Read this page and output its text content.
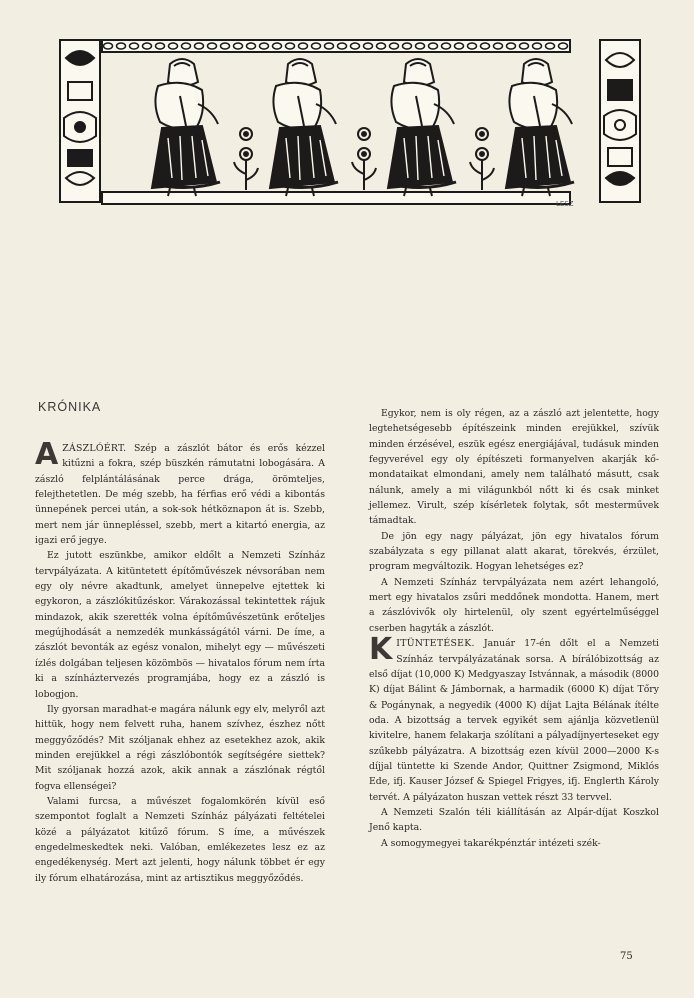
LESZ
KRÓNIKA

AZÁSZLÓÉRT. Szép a zászlót bátor és erős kézzel kitűzni a fokra, szép büszkén rámutatni lobogására. A zászló felplántálásának perce drága, örömteljes, felejthetetlen. De még szebb, ha férfias erő védi a kibontás ünnepének percei után, a sok-sok hétköznapon át is. Szebb, mert nem jár ünnepléssel, szebb, mert a kitartó energia, az igazi erő jegye.

Ez jutott eszünkbe, amikor eldőlt a Nemzeti Színház tervpályázata. A kitüntetett építőművészek névsorában nem egy oly névre akadtunk, amelyet ünnepelve ejtettek ki egykoron, a zászlókitűzéskor. Várakozással tekintettek rájuk mindazok, akik szerették volna építőművészetünk erőteljes megújhodását a nemzedék munkásságától várni. De íme, a zászlót bevonták az egész vonalon, mihelyt egy — művészeti ízlés dolgában teljesen közömbös — hivatalos fórum nem írta ki a színháztervezés programjába, hogy ez a zászló is lobogjon.

Ily gyorsan maradhat-e magára nálunk egy elv, melyről azt hittük, hogy nem felvett ruha, hanem szívhez, észhez nőtt meggyőződés? Mit szóljanak ehhez az esetekhez azok, akik minden erejükkel a régi zászlóbontók segítségére siettek? Mit szóljanak hozzá azok, akik annak a zászlónak régtől fogva ellenségei?

Valami furcsa, a művészet fogalomkörén kívül eső szempontot foglalt a Nemzeti Színház pályázati feltételei közé a pályázatot kitűző fórum. S íme, a művészek engedelmeskedtek neki. Valóban, emlékezetes lesz ez az engedékenység. Mert azt jelenti, hogy nálunk többet ér egy ily fórum elhatározása, mint az artisztikus meggyőződés.

Egykor, nem is oly régen, az a zászló azt jelentette, hogy legtehetségesebb építészeink minden erejükkel, szívük minden érzésével, eszük egész energiájával, tudásuk minden fegyverével egy oly építészeti formanyelven akarják kő-mondataikat elmondani, amely nem található másutt, csak nálunk, amely a mi világunkból nőtt ki és csak minket jellemez. Virult, szép kísérletek folytak, sőt mesterművek támadtak.

De jön egy nagy pályázat, jön egy hivatalos fórum szabályzata s egy pillanat alatt akarat, törekvés, érzület, program megváltozik. Hogyan lehetséges ez?

A Nemzeti Színház tervpályázata nem azért lehangoló, mert egy hivatalos zsűri meddőnek mondotta. Hanem, mert a zászlóvivők oly hirtelenül, oly szent egyértelműséggel cserben hagyták a zászlót.

KITÜNTETÉSEK. Január 17-én dőlt el a Nemzeti Színház tervpályázatának sorsa. A bírálóbizottság az első díjat (10,000 K) Medgyaszay Istvánnak, a második (8000 K) díjat Bálint & Jámbornak, a harmadik (6000 K) díjat Tőry & Pogánynak, a negyedik (4000 K) díjat Lajta Bélának ítélte oda. A bizottság a tervek egyikét sem ajánlja közvetlenül kivitelre, hanem felakarja szólítani a pályadíjnyerteseket egy szűkebb pályázatra. A bizottság ezen kívül 2000—2000 K-s díjjal tüntette ki Szende Andor, Quittner Zsigmond, Miklós Ede, ifj. Kauser József & Spiegel Frigyes, ifj. Englerth Károly tervét. A pályázaton huszan vettek részt 33 tervvel.

A Nemzeti Szalón téli kiállításán az Alpár-díjat Koszkol Jenő kapta.

A somogymegyei takarékpénztár intézeti szék-

75
